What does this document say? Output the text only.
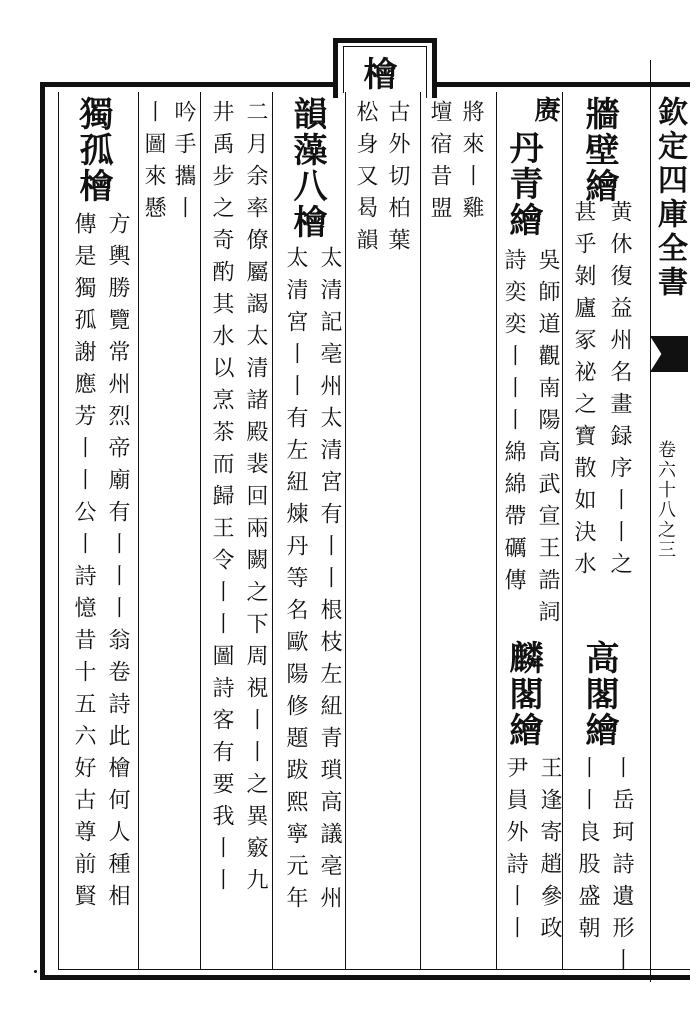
欽定四庫全書
卷六十八之三
檜
牆壁繪
黄休復益州名畫録序丨丨之
甚乎剝廬冢祕之寶散如決水
高閣繪
丨岳珂詩遺形丨
丨丨良股盛朝
赓
丹青繪
吳師道觀南陽高武宣王誥詞
詩奕奕丨丨丨綿綿帶礪傳
麟閣繪
王逢寄趙參政
尹員外詩丨丨
將來丨雞
壇宿昔盟
古外切柏葉
松身又曷韻
韻藻八檜
太清記亳州太清宮有丨丨根枝左紐青瑣高議亳州
太清宮丨丨有左紐煉丹等名歐陽修題跋熙寧元年
二月余率僚屬謁太清諸殿裴回兩闕之下周視丨丨之異竅九
井禹步之奇酌其水以烹茶而歸王令丨丨圖詩客有要我丨丨
吟手攜丨
丨圖來懸
獨孤檜
方輿勝覽常州烈帝廟有丨丨丨翁卷詩此檜何人種相
傳是獨孤謝應芳丨丨公丨詩憶昔十五六好古尊前賢
